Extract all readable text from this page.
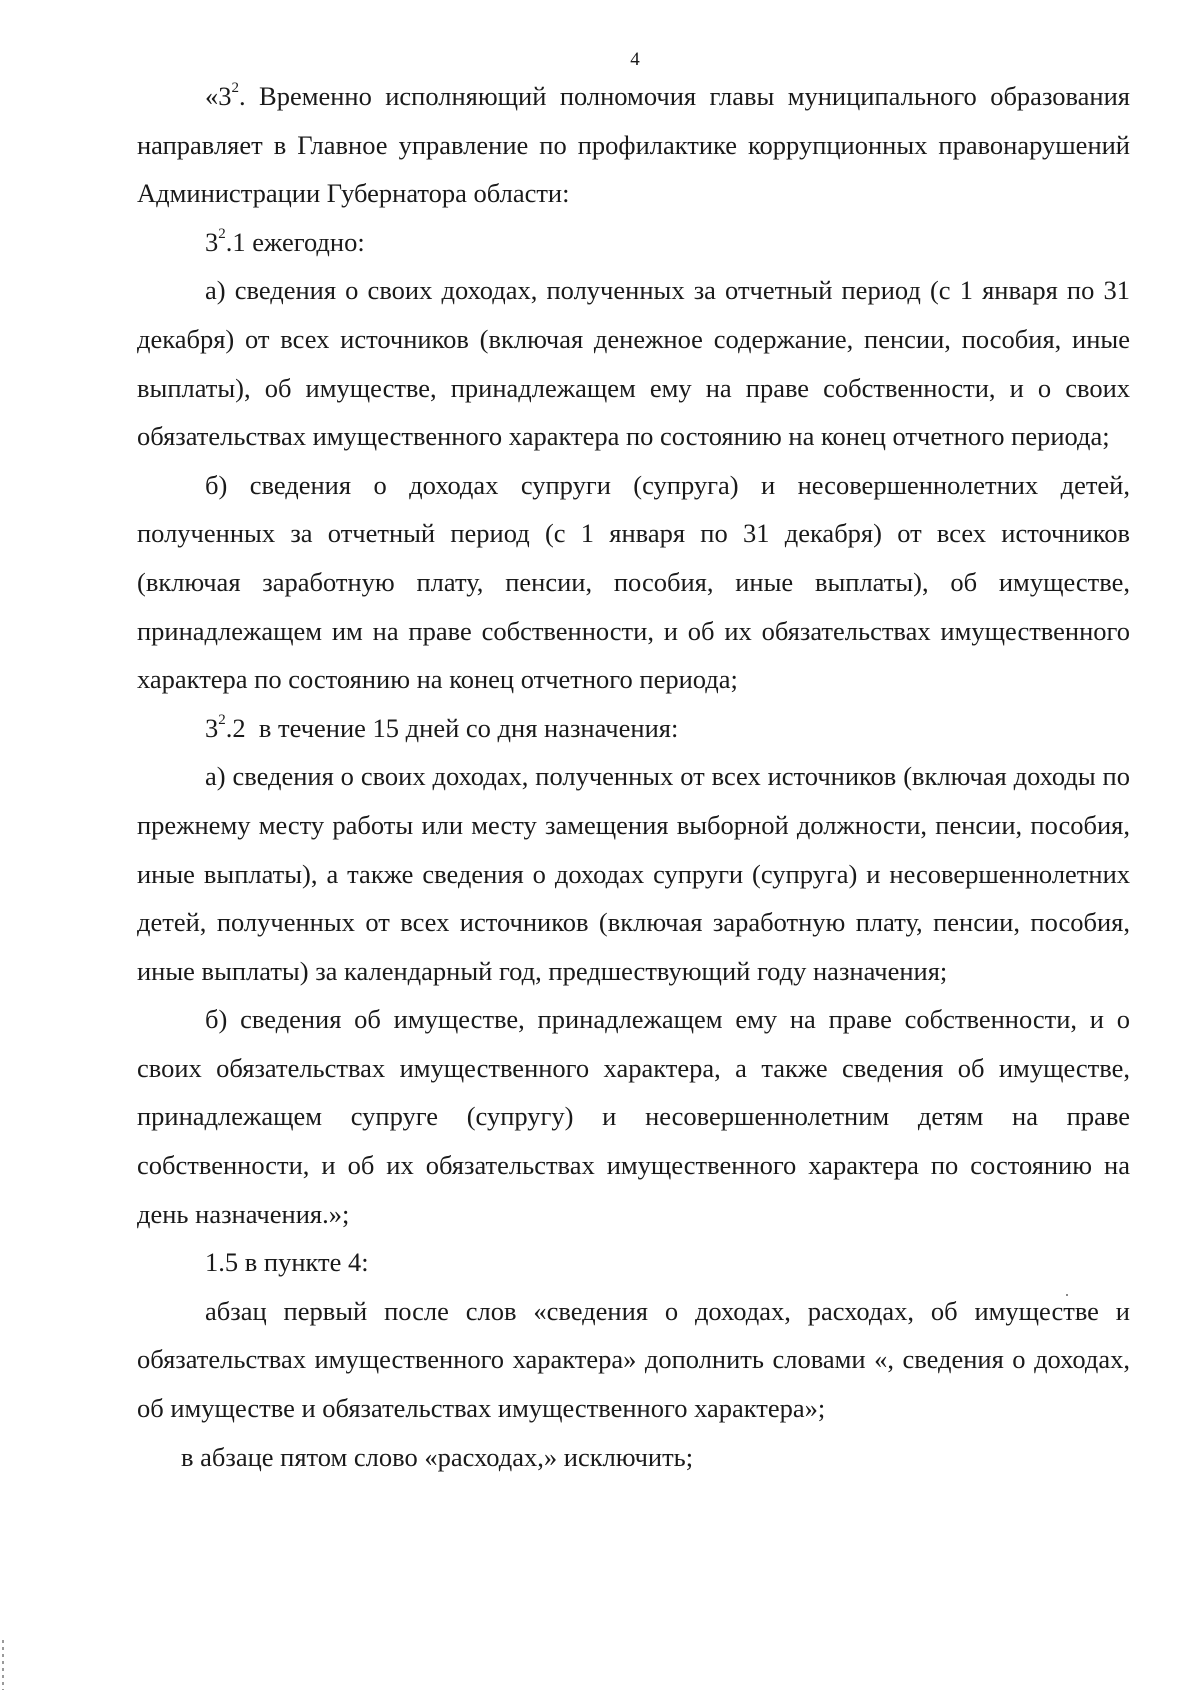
4

«$3^2$. Временно исполняющий полномочия главы муниципального образования направляет в Главное управление по профилактике коррупционных правонарушений Администрации Губернатора области:

$3^2.1$ ежегодно:

а) сведения о своих доходах, полученных за отчетный период (с 1 января по 31 декабря) от всех источников (включая денежное содержание, пенсии, пособия, иные выплаты), об имуществе, принадлежащем ему на праве собственности, и о своих обязательствах имущественного характера по состоянию на конец отчетного периода;

б) сведения о доходах супруги (супруга) и несовершеннолетних детей, полученных за отчетный период (с 1 января по 31 декабря) от всех источников (включая заработную плату, пенсии, пособия, иные выплаты), об имуществе, принадлежащем им на праве собственности, и об их обязательствах имущественного характера по состоянию на конец отчетного периода;

$3^2.2$  в течение 15 дней со дня назначения:

а) сведения о своих доходах, полученных от всех источников (включая доходы по прежнему месту работы или месту замещения выборной должности, пенсии, пособия, иные выплаты), а также сведения о доходах супруги (супруга) и несовершеннолетних детей, полученных от всех источников (включая заработную плату, пенсии, пособия, иные выплаты) за календарный год, предшествующий году назначения;

б) сведения об имуществе, принадлежащем ему на праве собственности, и о своих обязательствах имущественного характера, а также сведения об имуществе, принадлежащем супруге (супругу) и несовершеннолетним детям на праве собственности, и об их обязательствах имущественного характера по состоянию на день назначения.»;

1.5 в пункте 4:

абзац первый после слов «сведения о доходах, расходах, об имуществе и обязательствах имущественного характера» дополнить словами «, сведения о доходах, об имуществе и обязательствах имущественного характера»;

в абзаце пятом слово «расходах,» исключить;
